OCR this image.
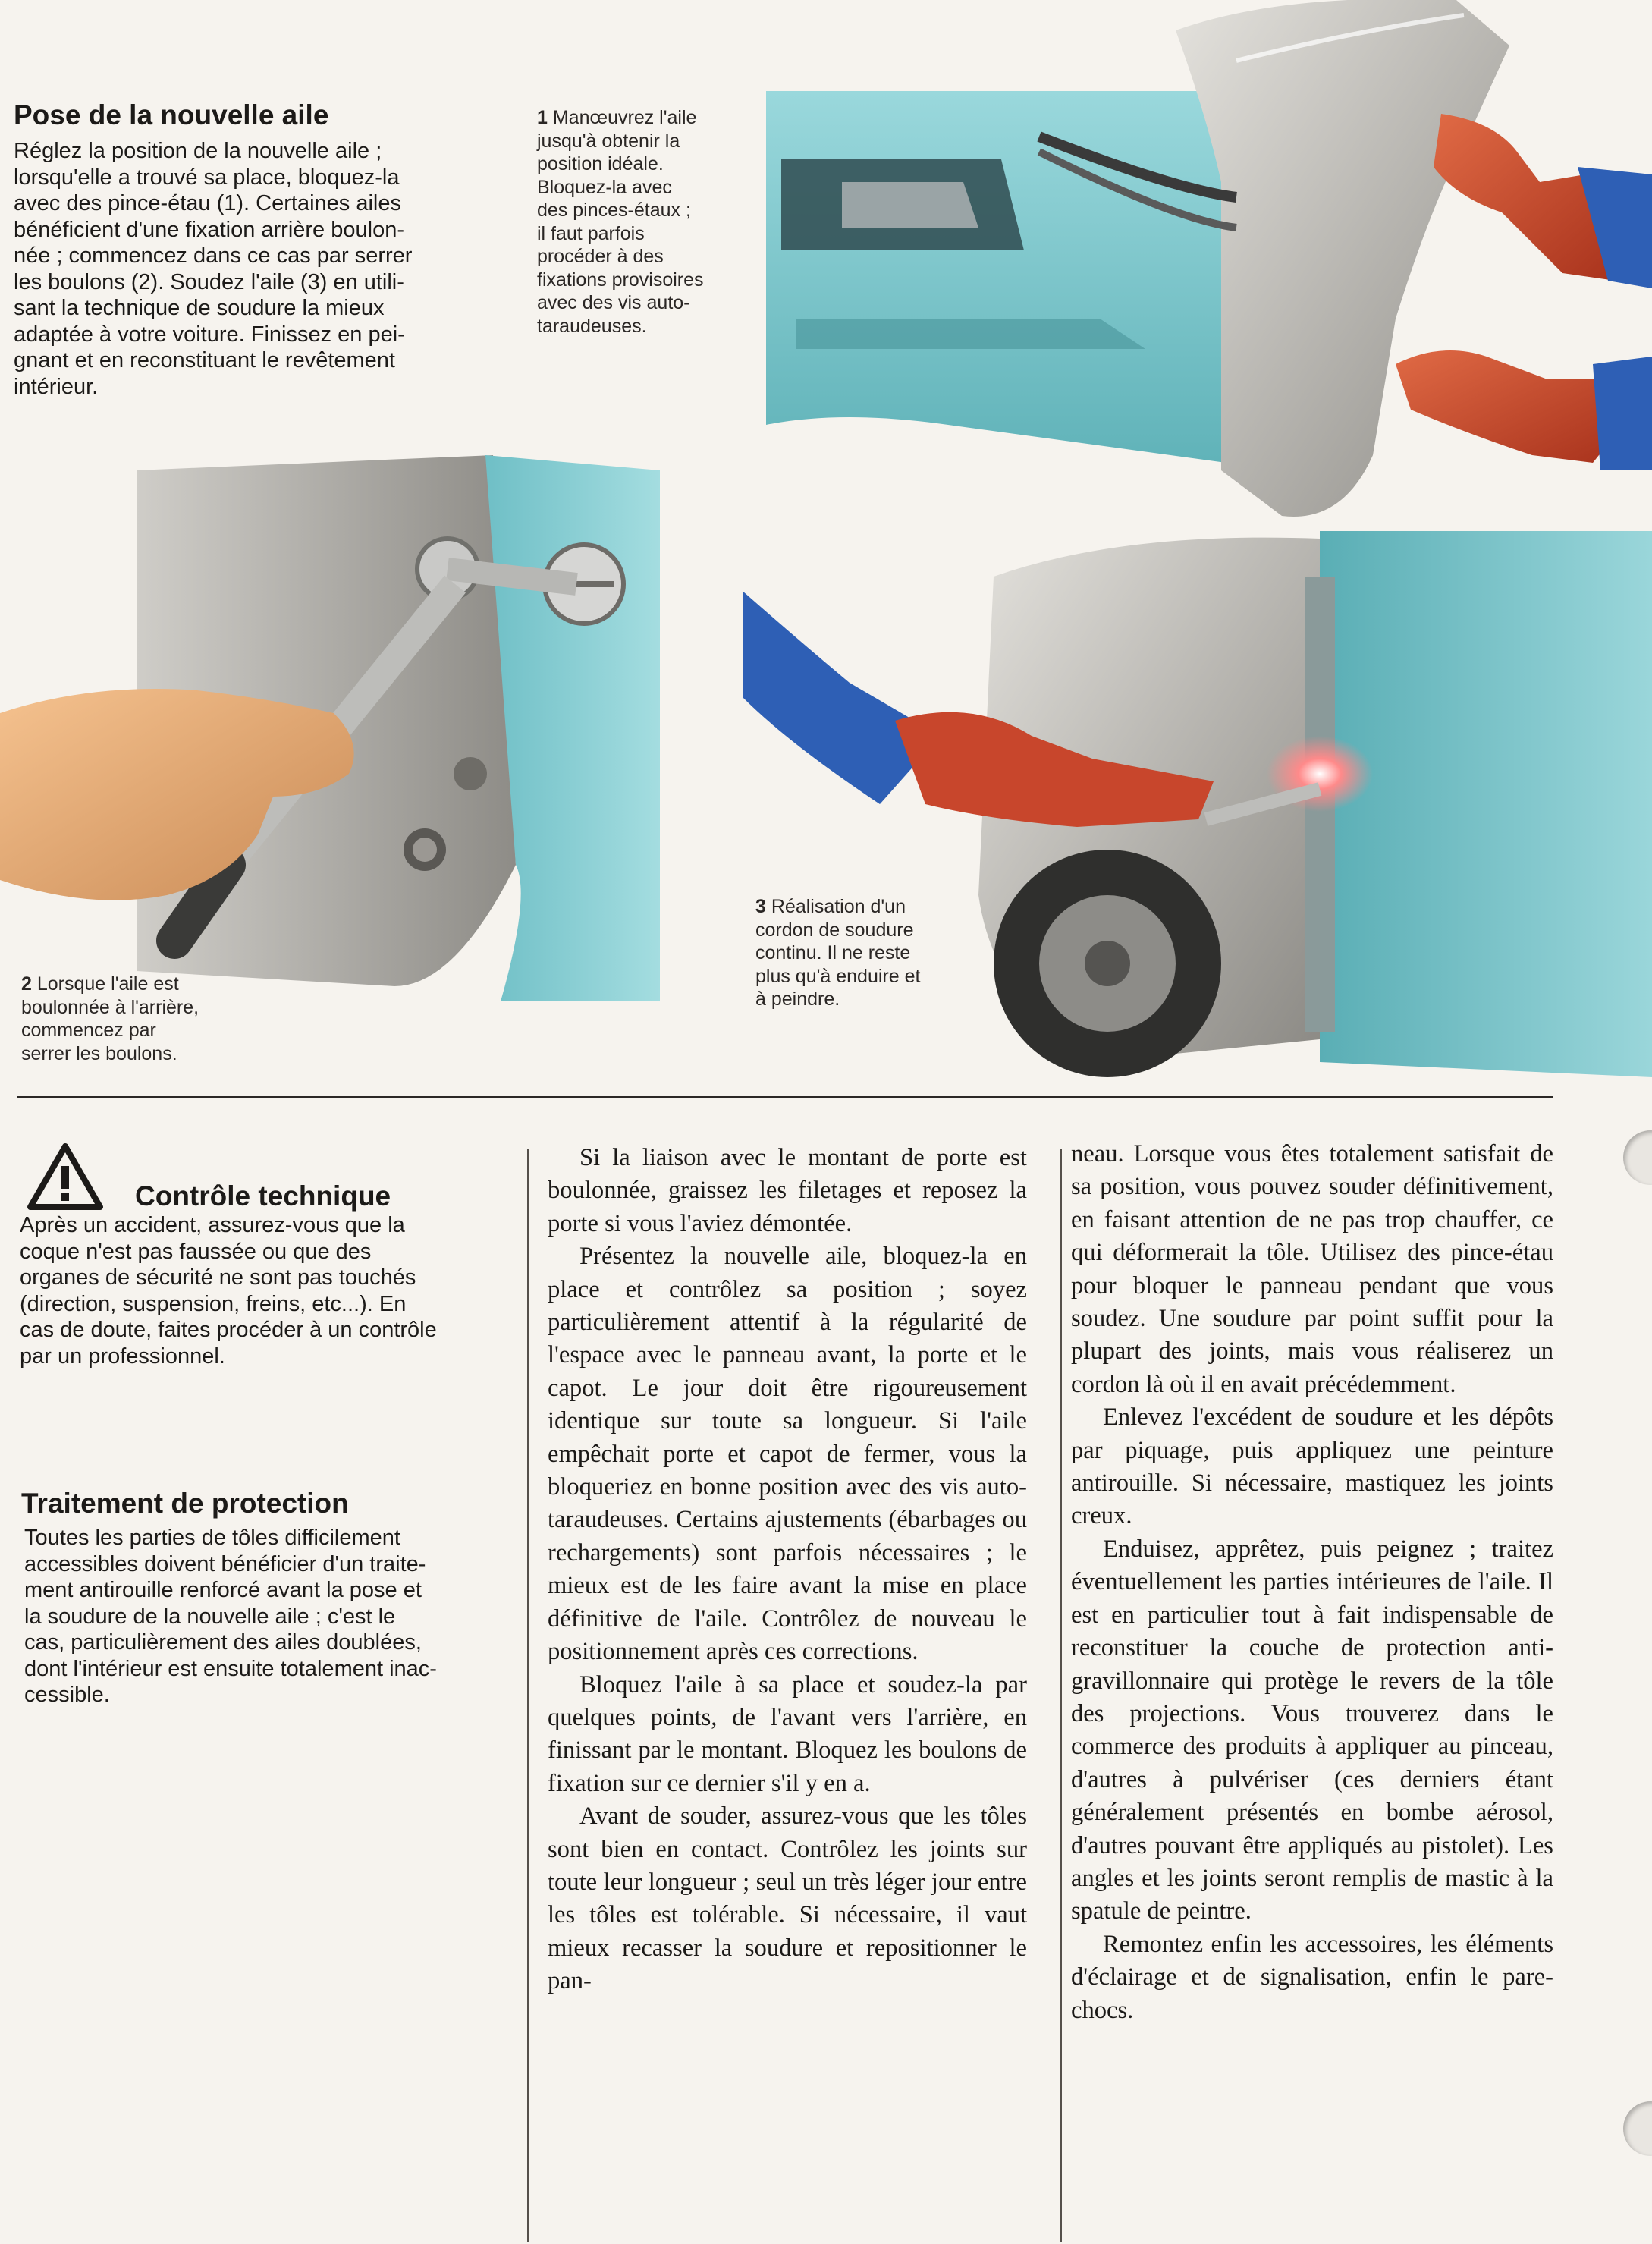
Pose de la nouvelle aile
Réglez la position de la nouvelle aile ;
lorsqu'elle a trouvé sa place, bloquez-la
avec des pince-étau (1). Certaines ailes
bénéficient d'une fixation arrière boulon-
née ; commencez dans ce cas par serrer
les boulons (2). Soudez l'aile (3) en utili-
sant la technique de soudure la mieux
adaptée à votre voiture. Finissez en pei-
gnant et en reconstituant le revêtement
intérieur.
1 Manœuvrez l'aile
jusqu'à obtenir la
position idéale.
Bloquez-la avec
des pinces-étaux ;
il faut parfois
procéder à des
fixations provisoires
avec des vis auto-
taraudeuses.
2 Lorsque l'aile est
boulonnée à l'arrière,
commencez par
serrer les boulons.
3 Réalisation d'un
cordon de soudure
continu. Il ne reste
plus qu'à enduire et
à peindre.
Contrôle technique
Après un accident, assurez-vous que la
coque n'est pas faussée ou que des
organes de sécurité ne sont pas touchés
(direction, suspension, freins, etc...). En
cas de doute, faites procéder à un contrôle
par un professionnel.
Traitement de protection
Toutes les parties de tôles difficilement
accessibles doivent bénéficier d'un traite-
ment antirouille renforcé avant la pose et
la soudure de la nouvelle aile ; c'est le
cas, particulièrement des ailes doublées,
dont l'intérieur est ensuite totalement inac-
cessible.

Si la liaison avec le montant de porte est boulonnée, graissez les filetages et reposez la porte si vous l'aviez démontée.

Présentez la nouvelle aile, bloquez-la en place et contrôlez sa position ; soyez particulièrement attentif à la régularité de l'espace avec le panneau avant, la porte et le capot. Le jour doit être rigoureusement identique sur toute sa longueur. Si l'aile empêchait porte et capot de fermer, vous la bloqueriez en bonne position avec des vis auto-taraudeuses. Certains ajustements (ébarbages ou rechargements) sont parfois nécessaires ; le mieux est de les faire avant la mise en place définitive de l'aile. Contrôlez de nouveau le positionnement après ces corrections.

Bloquez l'aile à sa place et soudez-la par quelques points, de l'avant vers l'arrière, en finissant par le montant. Bloquez les boulons de fixation sur ce dernier s'il y en a.

Avant de souder, assurez-vous que les tôles sont bien en contact. Contrôlez les joints sur toute leur longueur ; seul un très léger jour entre les tôles est tolérable. Si nécessaire, il vaut mieux recasser la soudure et repositionner le pan-

neau. Lorsque vous êtes totalement satisfait de sa position, vous pouvez souder définitivement, en faisant attention de ne pas trop chauffer, ce qui déformerait la tôle. Utilisez des pince-étau pour bloquer le panneau pendant que vous soudez. Une soudure par point suffit pour la plupart des joints, mais vous réaliserez un cordon là où il en avait précédemment.

Enlevez l'excédent de soudure et les dépôts par piquage, puis appliquez une peinture antirouille. Si nécessaire, mastiquez les joints creux.

Enduisez, apprêtez, puis peignez ; traitez éventuellement les parties intérieures de l'aile. Il est en particulier tout à fait indispensable de reconstituer la couche de protection anti-gravillonnaire qui protège le revers de la tôle des projections. Vous trouverez dans le commerce des produits à appliquer au pinceau, d'autres à pulvériser (ces derniers étant généralement présentés en bombe aérosol, d'autres pouvant être appliqués au pistolet). Les angles et les joints seront remplis de mastic à la spatule de peintre.

Remontez enfin les accessoires, les éléments d'éclairage et de signalisation, enfin le pare-chocs.
